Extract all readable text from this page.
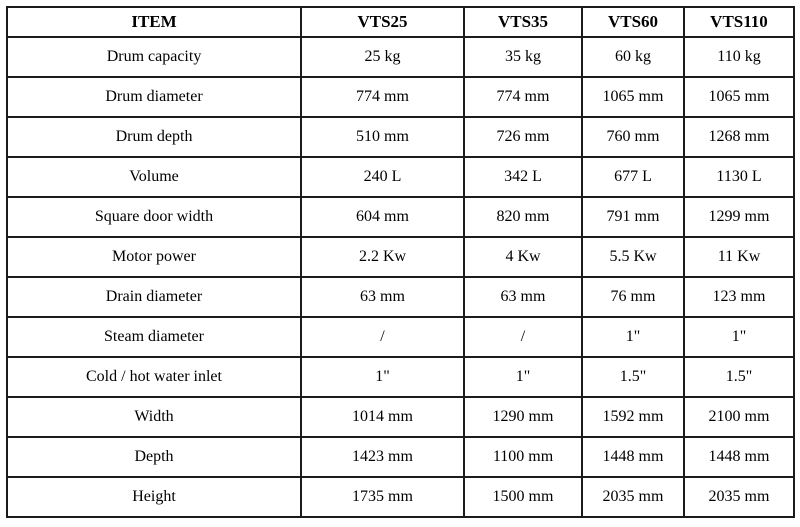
ITEM	VTS25	VTS35	VTS60	VTS110
Drum capacity	25 kg	35 kg	60 kg	110 kg
Drum diameter	774 mm	774 mm	1065 mm	1065 mm
Drum depth	510 mm	726 mm	760 mm	1268 mm
Volume	240 L	342 L	677 L	1130 L
Square door width	604 mm	820 mm	791 mm	1299 mm
Motor power	2.2 Kw	4 Kw	5.5 Kw	11 Kw
Drain diameter	63 mm	63 mm	76 mm	123 mm
Steam diameter	/	/	1"	1"
Cold / hot water inlet	1"	1"	1.5"	1.5"
Width	1014 mm	1290 mm	1592 mm	2100 mm
Depth	1423 mm	1100 mm	1448 mm	1448 mm
Height	1735 mm	1500 mm	2035 mm	2035 mm
